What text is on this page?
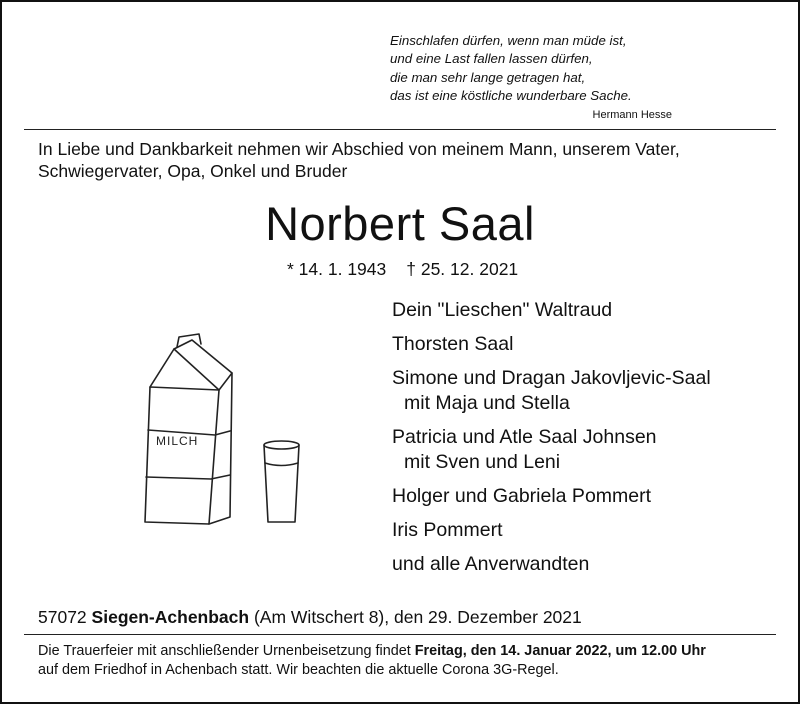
Einschlafen dürfen, wenn man müde ist,
und eine Last fallen lassen dürfen,
die man sehr lange getragen hat,
das ist eine köstliche wunderbare Sache.
Hermann Hesse
In Liebe und Dankbarkeit nehmen wir Abschied von meinem Mann, unserem Vater,
Schwiegervater, Opa, Onkel und Bruder
Norbert Saal
* 14. 1. 1943 † 25. 12. 2021
MILCH
Dein "Lieschen" Waltraud
Thorsten Saal
Simone und Dragan Jakovljevic-Saal
mit Maja und Stella
Patricia und Atle Saal Johnsen
mit Sven und Leni
Holger und Gabriela Pommert
Iris Pommert
und alle Anverwandten
57072 Siegen-Achenbach (Am Witschert 8), den 29. Dezember 2021
Die Trauerfeier mit anschließender Urnenbeisetzung findet Freitag, den 14. Januar 2022, um 12.00 Uhr
auf dem Friedhof in Achenbach statt. Wir beachten die aktuelle Corona 3G-Regel.
